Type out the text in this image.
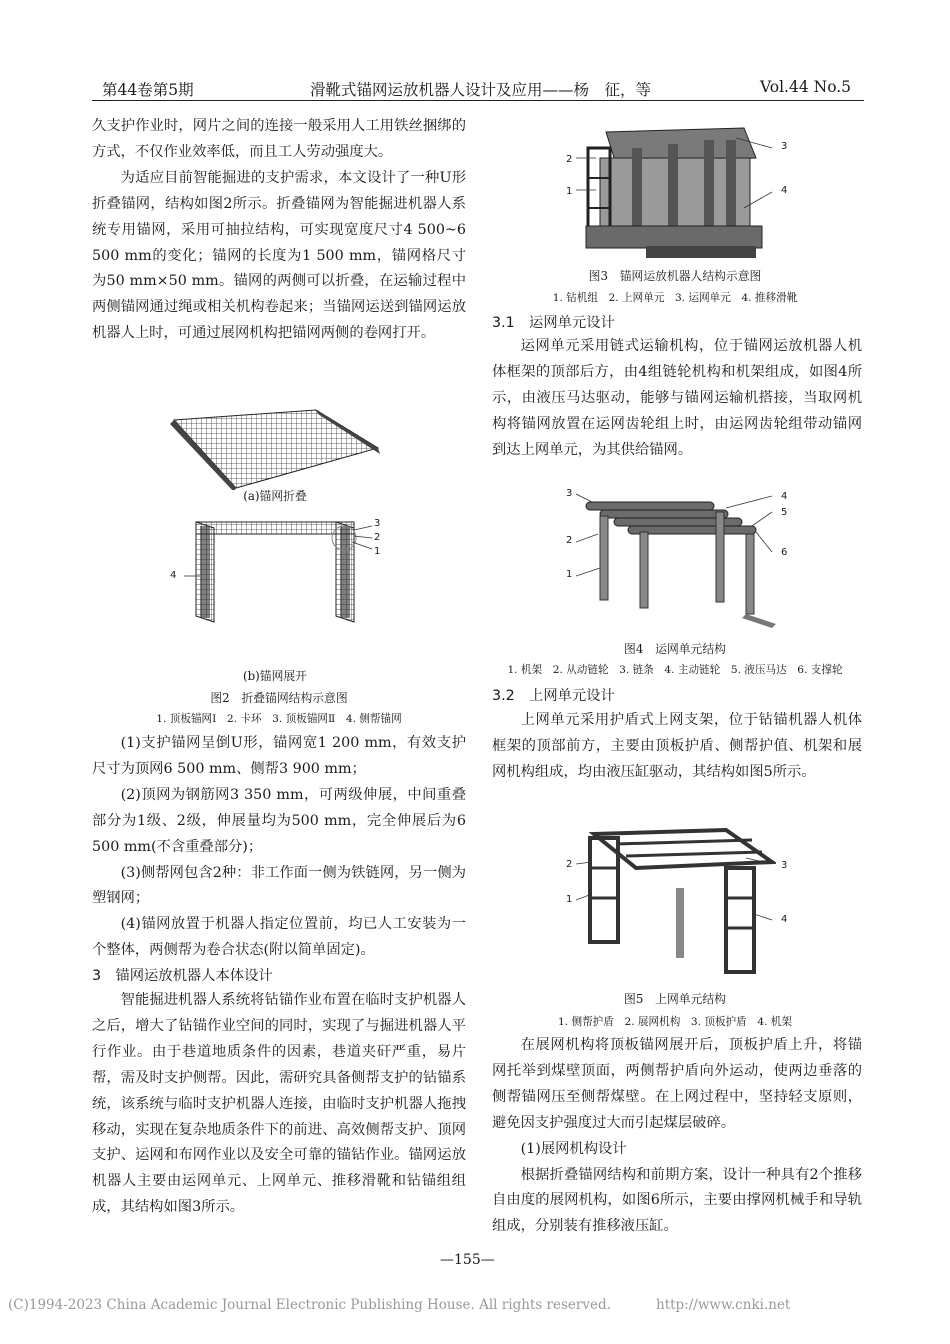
第44卷第5期	滑靴式锚网运放机器人设计及应用——杨　征，等	Vol.44 No.5

久支护作业时，网片之间的连接一般采用人工用铁丝捆绑的方式，不仅作业效率低，而且工人劳动强度大。

为适应目前智能掘进的支护需求，本文设计了一种U形折叠锚网，结构如图2所示。折叠锚网为智能掘进机器人系统专用锚网，采用可抽拉结构，可实现宽度尺寸4 500~6 500 mm的变化；锚网的长度为1 500 mm，锚网格尺寸为50 mm×50 mm。锚网的两侧可以折叠，在运输过程中两侧锚网通过绳或相关机构卷起来；当锚网运送到锚网运放机器人上时，可通过展网机构把锚网两侧的卷网打开。

(a)锚网折叠
3
2
1
4
(b)锚网展开
图2　折叠锚网结构示意图
1. 顶板锚网Ⅰ　2. 卡环　3. 顶板锚网Ⅱ　4. 侧帮锚网

(1)支护锚网呈倒U形，锚网宽1 200 mm，有效支护尺寸为顶网6 500 mm、侧帮3 900 mm；

(2)顶网为钢筋网3 350 mm，可两级伸展，中间重叠部分为1级、2级，伸展量均为500 mm，完全伸展后为6 500 mm(不含重叠部分)；

(3)侧帮网包含2种：非工作面一侧为铁链网，另一侧为塑钢网；

(4)锚网放置于机器人指定位置前，均已人工安装为一个整体，两侧帮为卷合状态(附以简单固定)。

3　锚网运放机器人本体设计

智能掘进机器人系统将钻锚作业布置在临时支护机器人之后，增大了钻锚作业空间的同时，实现了与掘进机器人平行作业。由于巷道地质条件的因素，巷道夹矸严重，易片帮，需及时支护侧帮。因此，需研究具备侧帮支护的钻锚系统，该系统与临时支护机器人连接，由临时支护机器人拖拽移动，实现在复杂地质条件下的前进、高效侧帮支护、顶网支护、运网和布网作业以及安全可靠的锚钻作业。锚网运放机器人主要由运网单元、上网单元、推移滑靴和钻锚组组成，其结构如图3所示。

3
2
1	4
图3　锚网运放机器人结构示意图
1. 钻机组　2. 上网单元　3. 运网单元　4. 推移滑靴
3.1　运网单元设计

运网单元采用链式运输机构，位于锚网运放机器人机体框架的顶部后方，由4组链轮机构和机架组成，如图4所示，由液压马达驱动，能够与锚网运输机搭接，当取网机构将锚网放置在运网齿轮组上时，由运网齿轮组带动锚网到达上网单元，为其供给锚网。

3	4
5
2
6
1
图4　运网单元结构
1. 机架　2. 从动链轮　3. 链条　4. 主动链轮　5. 液压马达　6. 支撑轮
3.2　上网单元设计

上网单元采用护盾式上网支架，位于钻锚机器人机体框架的顶部前方，主要由顶板护盾、侧帮护值、机架和展网机构组成，均由液压缸驱动，其结构如图5所示。

2
1
3
4
图5　上网单元结构
1. 侧帮护盾　2. 展网机构　3. 顶板护盾　4. 机架

在展网机构将顶板锚网展开后，顶板护盾上升，将锚网托举到煤壁顶面，两侧帮护盾向外运动，使两边垂落的侧帮锚网压至侧帮煤壁。在上网过程中，坚持轻支原则，避免因支护强度过大而引起煤层破碎。

(1)展网机构设计

根据折叠锚网结构和前期方案，设计一种具有2个推移自由度的展网机构，如图6所示，主要由撑网机械手和导轨组成，分别装有推移液压缸。

—155—
(C)1994-2023 China Academic Journal Electronic Publishing House. All rights reserved.	http://www.cnki.net
